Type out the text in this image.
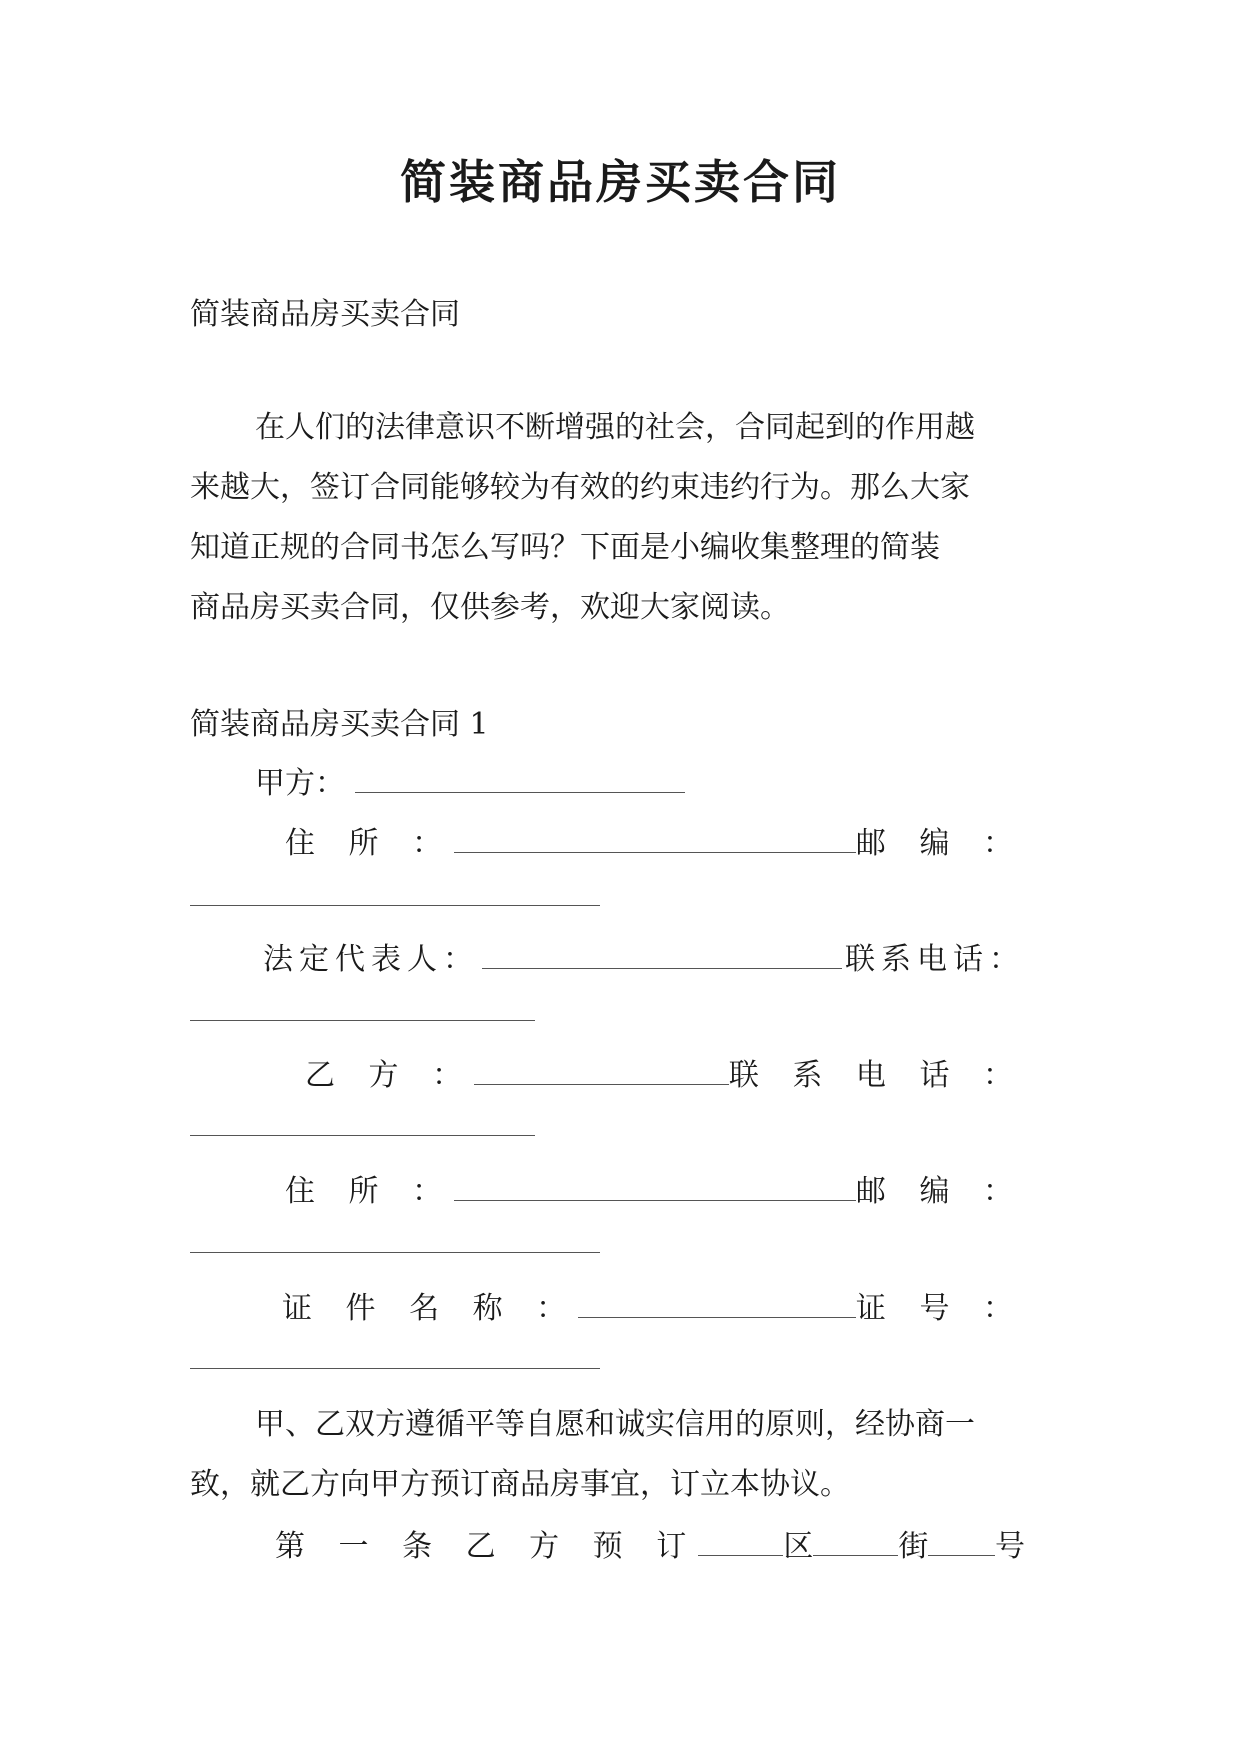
简装商品房买卖合同
简装商品房买卖合同
在人们的法律意识不断增强的社会，合同起到的作用越
来越大，签订合同能够较为有效的约束违约行为。那么大家
知道正规的合同书怎么写吗？下面是小编收集整理的简装
商品房买卖合同，仅供参考，欢迎大家阅读。
简装商品房买卖合同 1
甲方：
住 所 ：	邮 编 ：
法定代表人：	联系电话：
乙 方 ：	联 系 电 话 ：
住 所 ：	邮 编 ：
证 件 名 称 ：	证 号 ：
甲、乙双方遵循平等自愿和诚实信用的原则，经协商一
致，就乙方向甲方预订商品房事宜，订立本协议。
第 一 条 乙 方 预 订	区	街 号
